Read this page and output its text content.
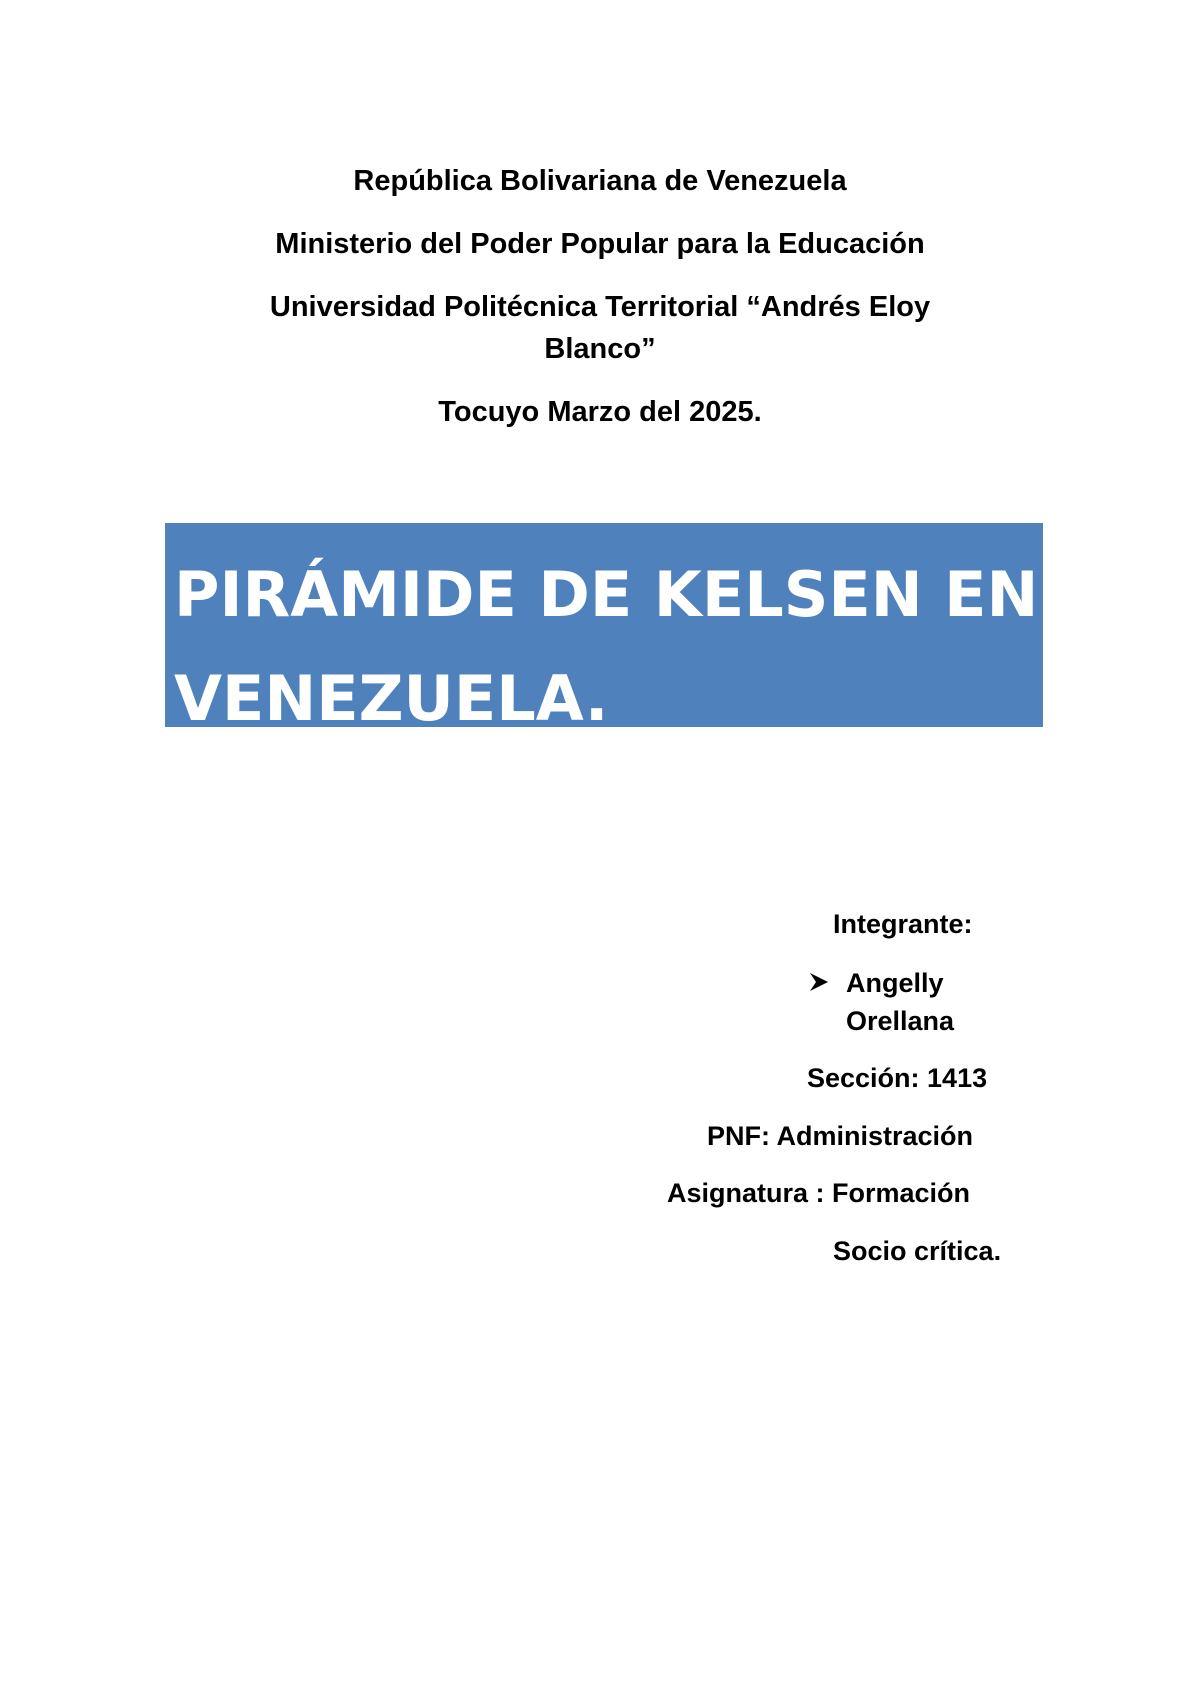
República Bolivariana de Venezuela
Ministerio del Poder Popular para la Educación
Universidad Politécnica Territorial “Andrés Eloy
Blanco”
Tocuyo Marzo del 2025.
PIRÁMIDE DE KELSEN EN
VENEZUELA.
Integrante:
Angelly
Orellana
Sección: 1413
PNF: Administración
Asignatura : Formación
Socio crítica.
